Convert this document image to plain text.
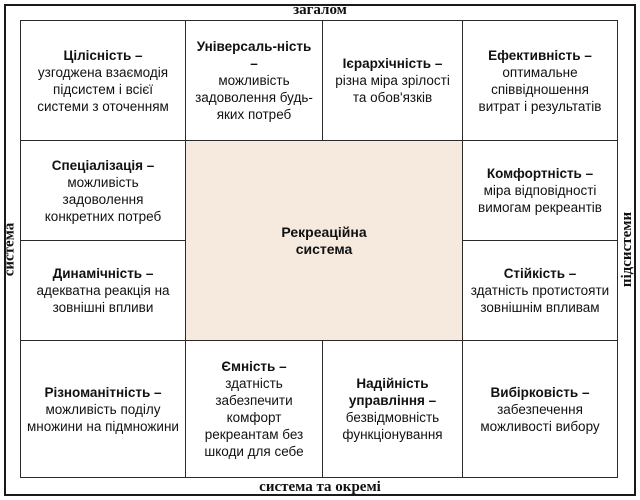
загалом
система та окремі
система	підсистеми
Цілісність –
узгоджена взаємодія підсистем і всієї системи з оточенням
Універсаль-ність –
можливість задоволення будь-яких потреб
Ієрархічність –
різна міра зрілості та обов'язків
Ефективність –
оптимальне співвідношення витрат і результатів
Спеціалізація –
можливість задоволення конкретних потреб
Рекреаційна система
Комфортність –
міра відповідності вимогам рекреантів
Динамічність –
адекватна реакція на зовнішні впливи
Стійкість –
здатність протистояти зовнішнім впливам
Різноманітність –
можливість поділу множини на підмножини
Ємність –
здатність забезпечити комфорт рекреантам без шкоди для себе
Надійність управління –
безвідмовність функціонування
Вибірковість –
забезпечення можливості вибору
